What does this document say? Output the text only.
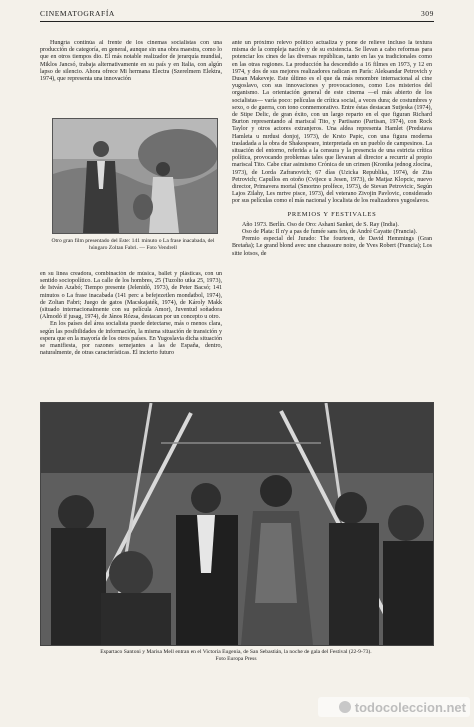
CINEMATOGRAFÍA	309

Hungría continúa al frente de los cinemas socialistas con una producción de categoría, en general, aunque sin una obra maestra, como lo que en otros tiempos dio. El más notable realizador de jerarquía mundial, Miklos Jancsó, trabaja alternativamente en su país y en Italia, con algún lapso de silencio. Ahora ofrece Mi hermana Electra (Szerelmem Elektra, 1974), que representa una innovación

Otro gran film presentado del Este: 141 minuto o La frase inacabada, del húngaro Zoltan Fabri. — Foto Vendrell

en su línea creadora, combinación de música, ballet y plásticas, con un sentido sociopolítico. La calle de los hombres, 25 (Tuzolto utka 25, 1973), de István Azabó; Tiempo presente (Jelenidó, 1973), de Peter Bacsó; 141 minutos o La frase inacabada (141 perc a befejezetlen mondatbol, 1974), de Zoltan Fabri; Juego de gatos (Macskajaték, 1974), de Károly Makk (situado internacionalmente con su película Amor), Juventud soñadora (Almodó if jusag, 1974), de János Rózsa, destacan por un concepto u otro.

En los países del área socialista puede detectarse, más o menos clara, según las posibilidades de información, la misma situación de transición y espera que en la mayoría de los otros países. En Yugoslavia dicha situación se manifiesta, por razones semejantes a las de España, dentro, naturalmente, de otras características. El incierto futuro

ante un próximo relevo político actualiza y pone de relieve incluso la textura misma de la compleja nación y de su existencia. Se llevan a cabo reformas para potenciar los cines de las diversas repúblicas, tanto en las ya tradicionales como en las otras regiones. La producción ha descendido a 16 filmes en 1973, y 12 en 1974, y dos de sus mejores realizadores radican en París: Aleksandar Petrovich y Dusan Makeveje. Este último es el que da más renombre internacional al cine yugoslavo, con sus innovaciones y provocaciones, como Los misterios del organismo. La orientación general de este cinema —el más abierto de los socialistas— varía poco: películas de crítica social, a veces dura; de costumbres y sexo, o de guerra, con tono conmemorativo. Entre éstas destacan Sutjeska (1974), de Stipe Delic, de gran éxito, con un largo reparto en el que figuran Richard Burton representando al mariscal Tito, y Partisano (Partisan, 1974), con Rock Taylor y otros actores extranjeros. Una aldea representa Hamlet (Predstava Hamleta u mrdusi donjoj, 1973), de Krsto Papic, con una figura moderna trasladada a la obra de Shakespeare, interpretada en un pueblo de campesinos. La situación del entorno, referida a la censura y la presencia de una estricta crítica política, provocando problemas tales que llevaran al director a recurrir al propio mariscal Tito. Cabe citar asimismo Crónica de un crimen (Kronika jednog zlocina, 1973), de Lorda Zafranovich; 67 días (Uzicka Republika, 1974), de Zita Petrovich; Capullos en otoño (Cvijece u Jesen, 1973), de Matjaz Klopcic, nuevo director, Primavera mortal (Smortno prolfece, 1973), de Stevan Petrovicic, Según Lajos Zilahy, Les mrtve pisce, 1973), del veterano Zivojin Pavlovic, considerado por sus películas como el más nacional y localista de los realizadores yugoslavos.

PREMIOS Y FESTIVALES

Año 1973. Berlín. Oso de Oro: Ashani Sanket, de S. Ray (India).

Oso de Plata: Il n'y a pas de fumée sans feu, de André Cayatte (Francia).

Premio especial del Jurado: The fourteen, de David Hemmings (Gran Bretaña); Le grand blond avec une chaussure noire, de Yves Robert (Francia); Los sitte lotsos, de

Espartaco Santoni y Marisa Mell entran en el Victoria Eugenia, de San Sebastián, la noche de gala del Festival (22-9-73).
Foto Europa Press
todocoleccion.net
